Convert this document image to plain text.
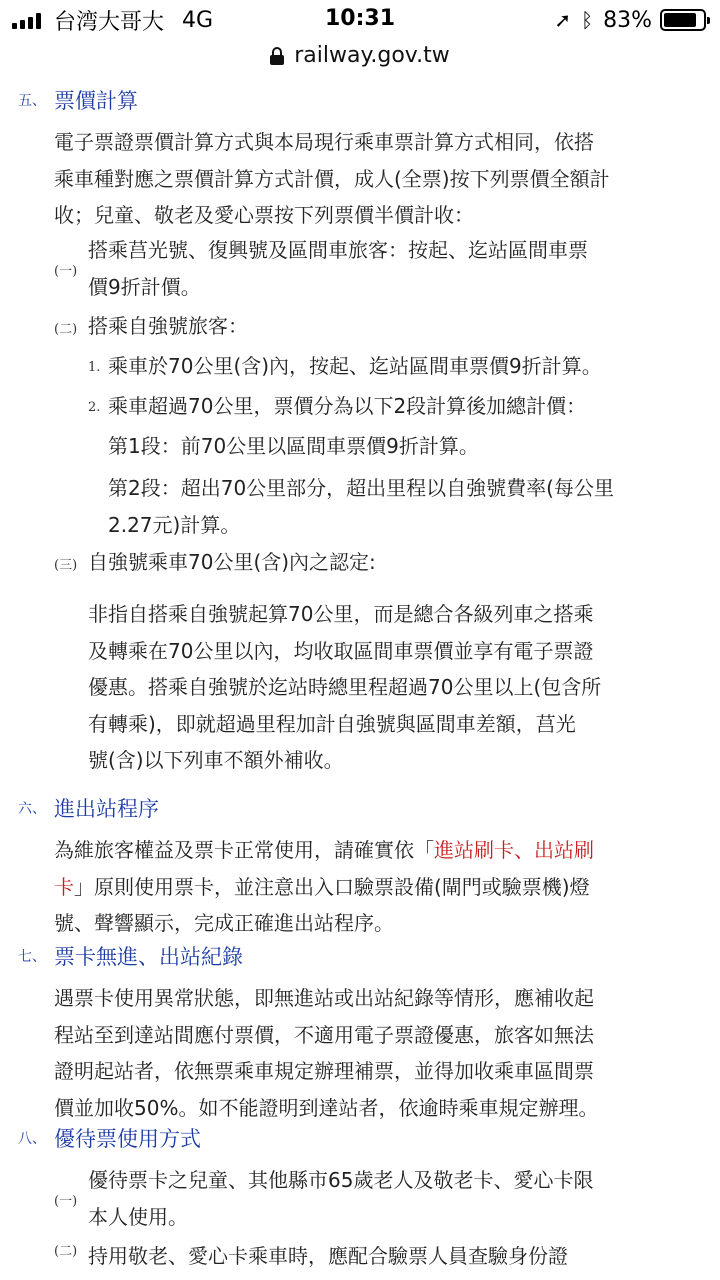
台湾大哥大 4G	10:31	➚ ᛒ 83%
railway.gov.tw
五、 票價計算
電子票證票價計算方式與本局現行乘車票計算方式相同，依搭
乘車種對應之票價計算方式計價，成人(全票)按下列票價全額計
收；兒童、敬老及愛心票按下列票價半價計收：
(一)
搭乘莒光號、復興號及區間車旅客：按起、迄站區間車票
價9折計價。
(二) 搭乘自強號旅客：
1. 乘車於70公里(含)內，按起、迄站區間車票價9折計算。
2. 乘車超過70公里，票價分為以下2段計算後加總計價：
第1段：前70公里以區間車票價9折計算。
第2段：超出70公里部分，超出里程以自強號費率(每公里
2.27元)計算。
(三) 自強號乘車70公里(含)內之認定:
非指自搭乘自強號起算70公里，而是總合各級列車之搭乘
及轉乘在70公里以內，均收取區間車票價並享有電子票證
優惠。搭乘自強號於迄站時總里程超過70公里以上(包含所
有轉乘)，即就超過里程加計自強號與區間車差額，莒光
號(含)以下列車不額外補收。
六、 進出站程序
為維旅客權益及票卡正常使用，請確實依「進站刷卡、出站刷
卡」原則使用票卡，並注意出入口驗票設備(閘門或驗票機)燈
號、聲響顯示，完成正確進出站程序。
七、 票卡無進、出站紀錄
遇票卡使用異常狀態，即無進站或出站紀錄等情形，應補收起
程站至到達站間應付票價，不適用電子票證優惠，旅客如無法
證明起站者，依無票乘車規定辦理補票，並得加收乘車區間票
價並加收50%。如不能證明到達站者，依逾時乘車規定辦理。
八、 優待票使用方式
(一)
優待票卡之兒童、其他縣市65歲老人及敬老卡、愛心卡限
本人使用。
(二) 持用敬老、愛心卡乘車時，應配合驗票人員查驗身份證
